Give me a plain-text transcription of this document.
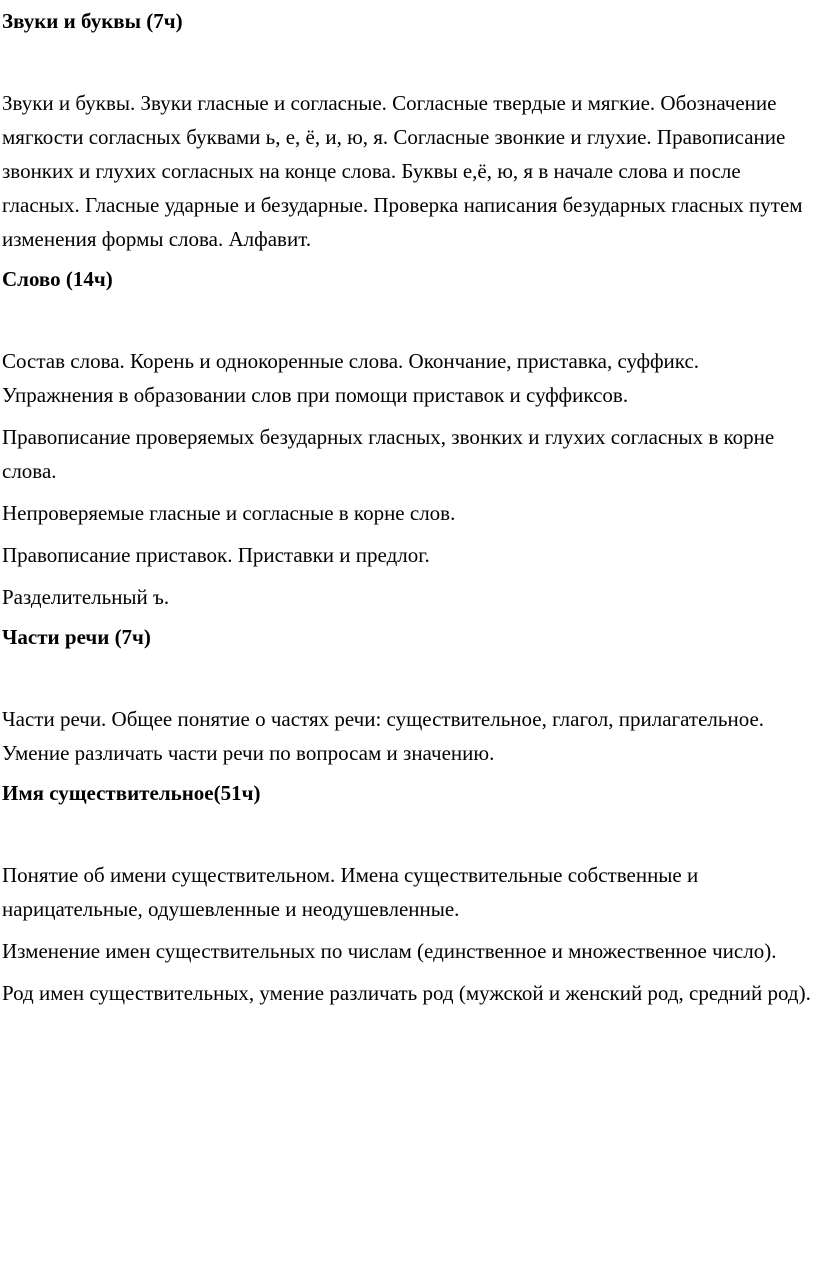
Звуки и буквы (7ч)

Звуки и буквы. Звуки гласные и согласные. Согласные твердые и мягкие. Обозначение мягкости согласных буквами ь, е, ё, и, ю, я. Согласные звонкие и глухие. Правописание звонких и глухих согласных на конце слова. Буквы е,ё, ю, я в начале слова и после гласных. Гласные ударные и безударные. Проверка написания безударных гласных путем изменения формы слова. Алфавит.

Слово (14ч)

Состав слова. Корень и однокоренные слова. Окончание, приставка, суффикс. Упражнения в образовании слов при помощи приставок и суффиксов.

Правописание проверяемых безударных гласных, звонких и глухих согласных в корне слова.

Непроверяемые гласные и согласные в корне слов.

Правописание приставок. Приставки и предлог.

Разделительный ъ.

Части речи (7ч)

Части речи. Общее понятие о частях речи: существительное, глагол, прилагательное. Умение различать части речи по вопросам и значению.

Имя существительное(51ч)

Понятие об имени существительном. Имена существительные собственные и нарицательные, одушевленные и неодушевленные.

Изменение имен существительных по числам (единственное и множественное число).

Род имен существительных, умение различать род (мужской и женский род, средний род).
